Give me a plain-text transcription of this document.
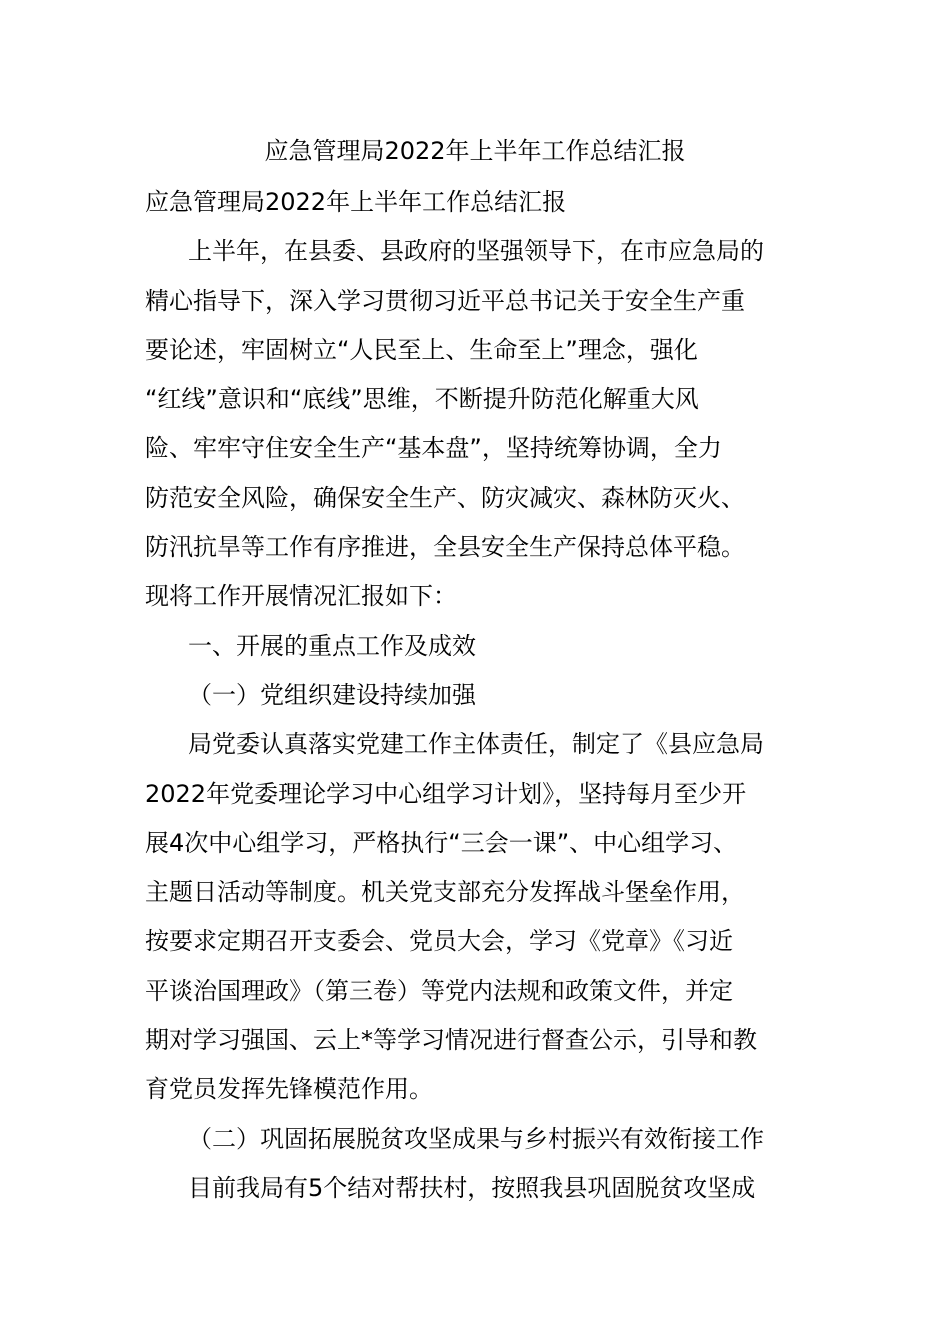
应急管理局2022年上半年工作总结汇报
应急管理局2022年上半年工作总结汇报
上半年，在县委、县政府的坚强领导下，在市应急局的
精心指导下，深入学习贯彻习近平总书记关于安全生产重
要论述，牢固树立“人民至上、生命至上”理念，强化
“红线”意识和“底线”思维，不断提升防范化解重大风
险、牢牢守住安全生产“基本盘”，坚持统筹协调，全力
防范安全风险，确保安全生产、防灾减灾、森林防灭火、
防汛抗旱等工作有序推进，全县安全生产保持总体平稳。
现将工作开展情况汇报如下：
一、开展的重点工作及成效
（一）党组织建设持续加强
局党委认真落实党建工作主体责任，制定了《县应急局
2022年党委理论学习中心组学习计划》，坚持每月至少开
展4次中心组学习，严格执行“三会一课”、中心组学习、
主题日活动等制度。机关党支部充分发挥战斗堡垒作用，
按要求定期召开支委会、党员大会，学习《党章》《习近
平谈治国理政》（第三卷）等党内法规和政策文件，并定
期对学习强国、云上*等学习情况进行督查公示，引导和教
育党员发挥先锋模范作用。
（二）巩固拓展脱贫攻坚成果与乡村振兴有效衔接工作
目前我局有5个结对帮扶村，按照我县巩固脱贫攻坚成
